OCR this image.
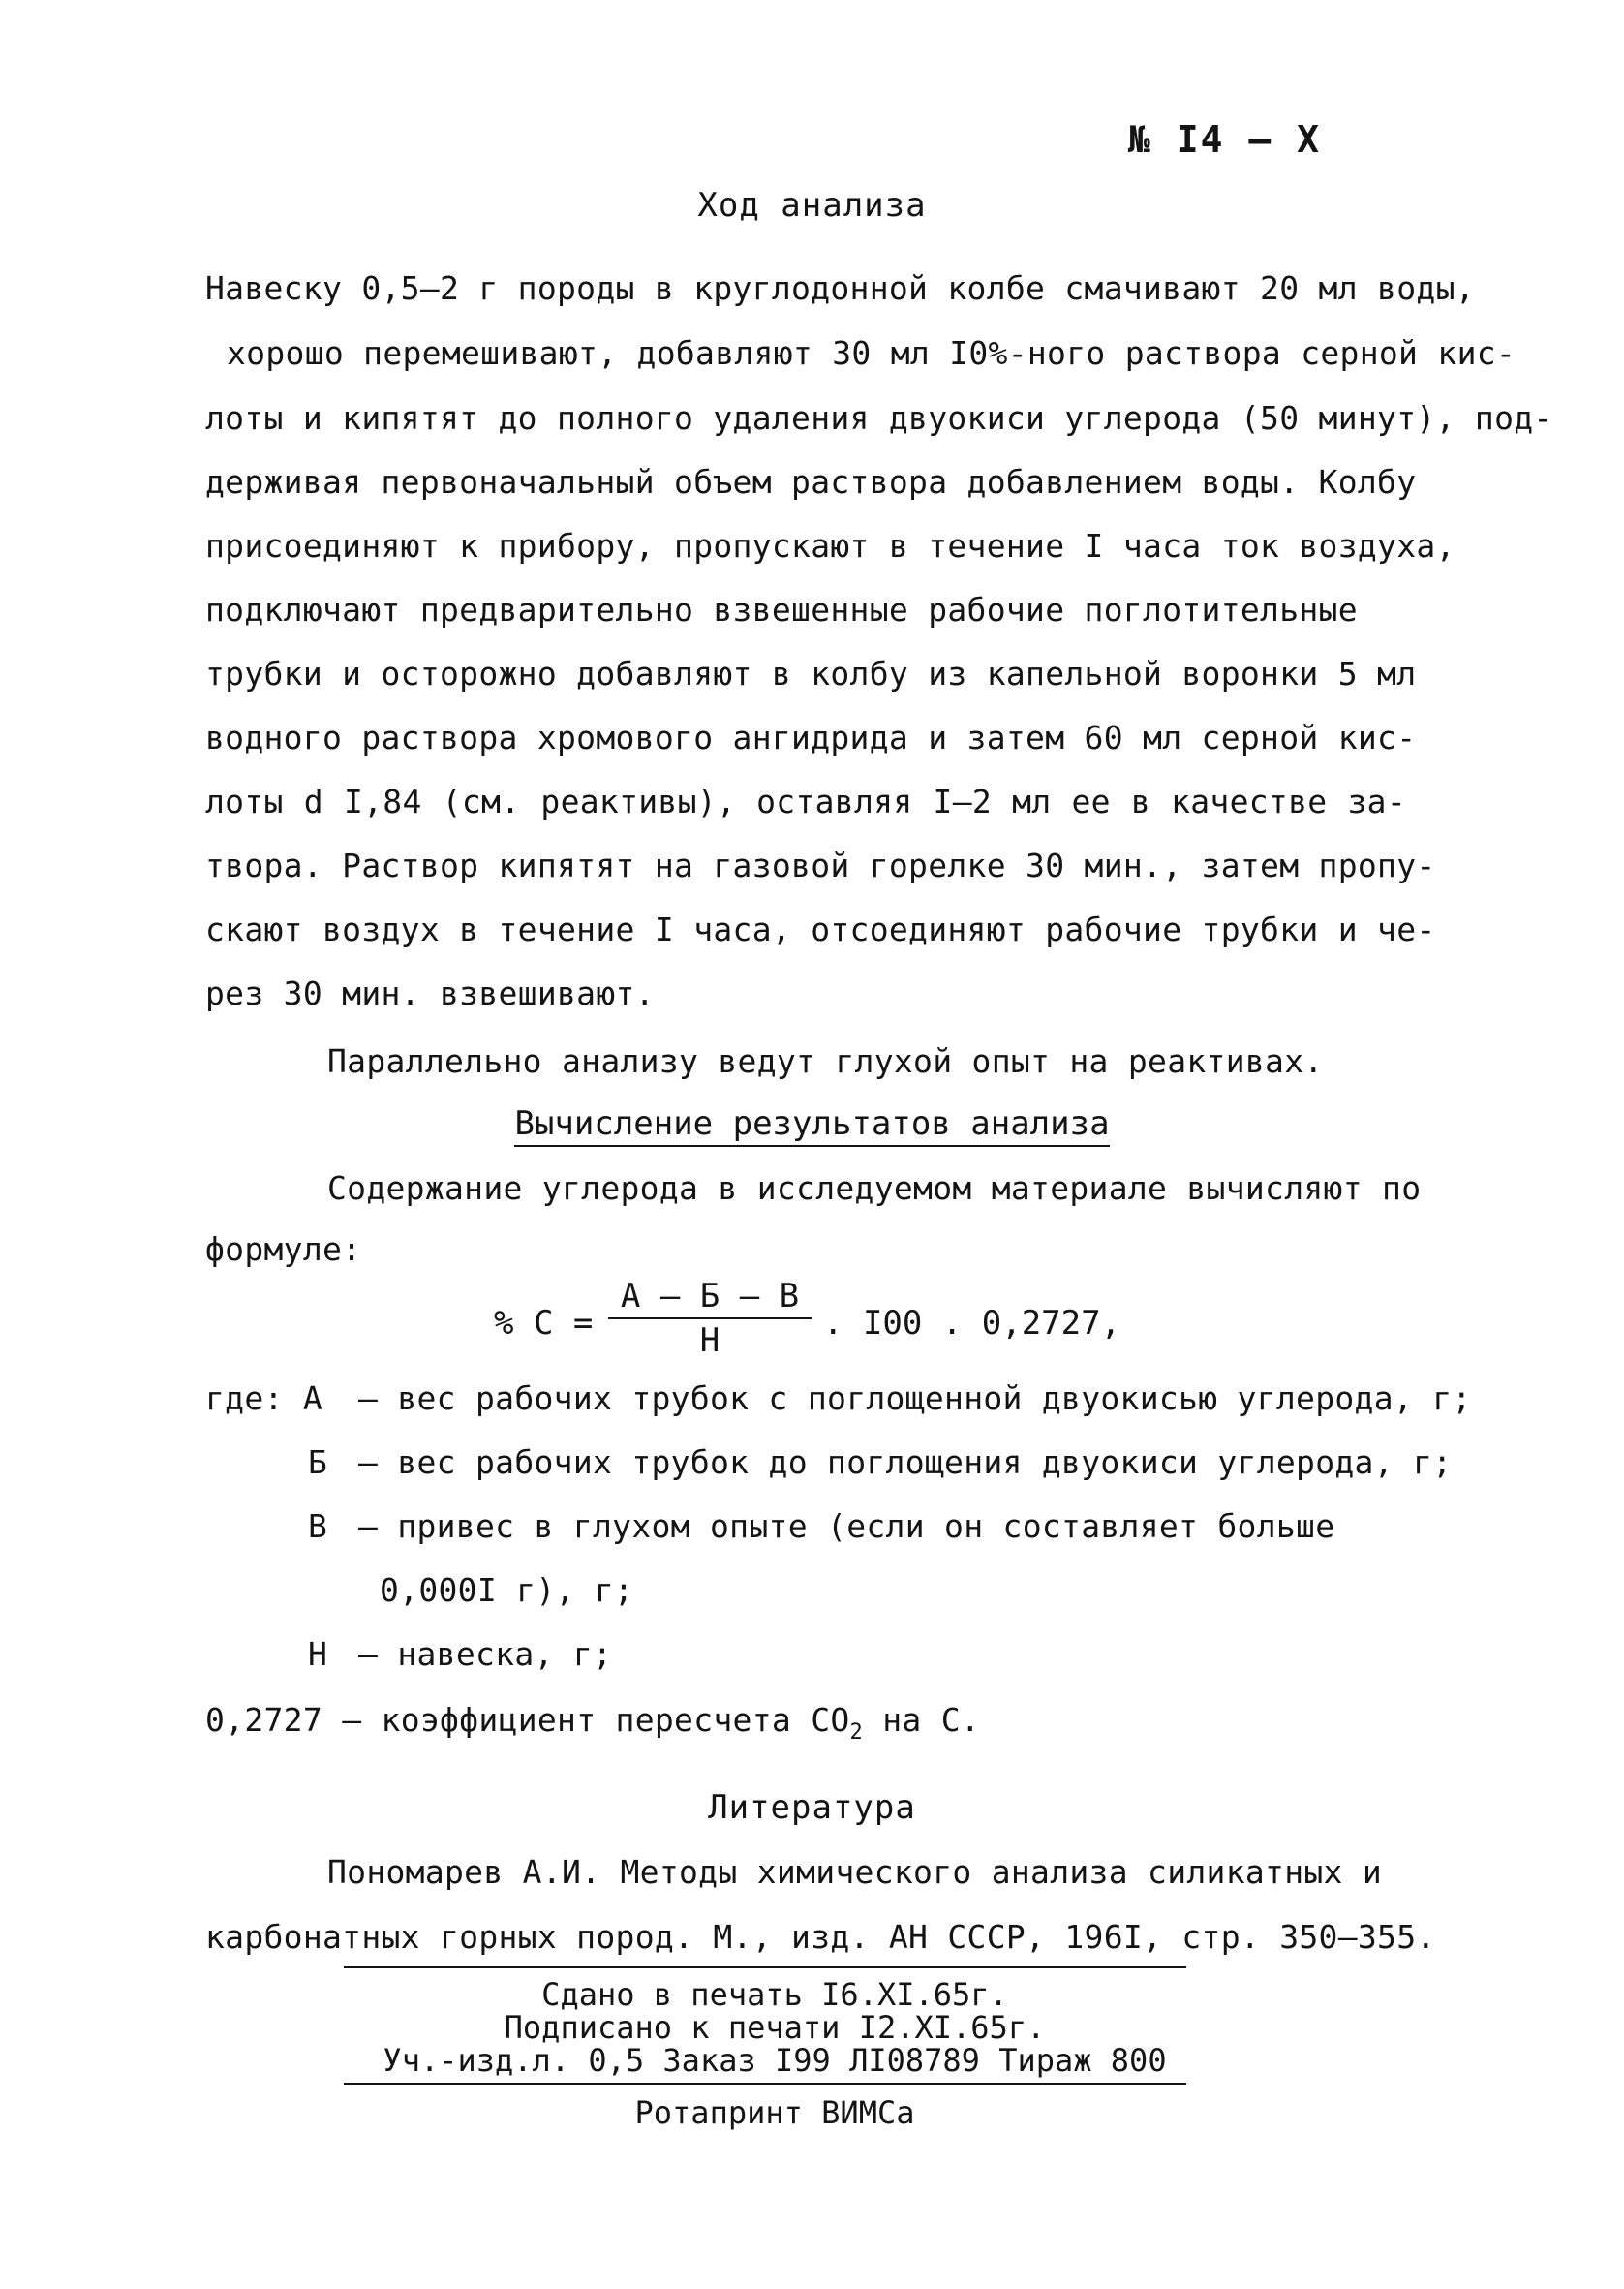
№ I4 – X
Ход анализа
Навеску 0,5–2 г породы в круглодонной колбе смачивают 20 мл воды,
хорошо перемешивают, добавляют 30 мл I0%-ного раствора серной кис-
лоты и кипятят до полного удаления двуокиси углерода (50 минут), под-
держивая первоначальный объем раствора добавлением воды. Колбу
присоединяют к прибору, пропускают в течение I часа ток воздуха,
подключают предварительно взвешенные рабочие поглотительные
трубки и осторожно добавляют в колбу из капельной воронки 5 мл
водного раствора хромового ангидрида и затем 60 мл серной кис-
лоты d I,84 (см. реактивы), оставляя I–2 мл ее в качестве за-
твора. Раствор кипятят на газовой горелке 30 мин., затем пропу-
скают воздух в течение I часа, отсоединяют рабочие трубки и че-
рез 30 мин. взвешивают.
Параллельно анализу ведут глухой опыт на реактивах.
Вычисление результатов анализа
Содержание углерода в исследуемом материале вычисляют по
формуле:
% C =
А – Б – В
Н	. I00 . 0,2727,
где: А – вес рабочих трубок с поглощенной двуокисью углерода, г;
Б – вес рабочих трубок до поглощения двуокиси углерода, г;
В – привес в глухом опыте (если он составляет больше
0,000I г), г;
Н – навеска, г;
0,2727 – коэффициент пересчета $CO_2$ на С.
Литература
Пономарев А.И. Методы химического анализа силикатных и
карбонатных горных пород. М., изд. АН СССР, 196I, стр. 350–355.
Сдано в печать I6.XI.65г.
Подписано к печати I2.XI.65г.
Уч.-изд.л. 0,5 Заказ I99 ЛI08789 Тираж 800
Ротапринт ВИМСа
